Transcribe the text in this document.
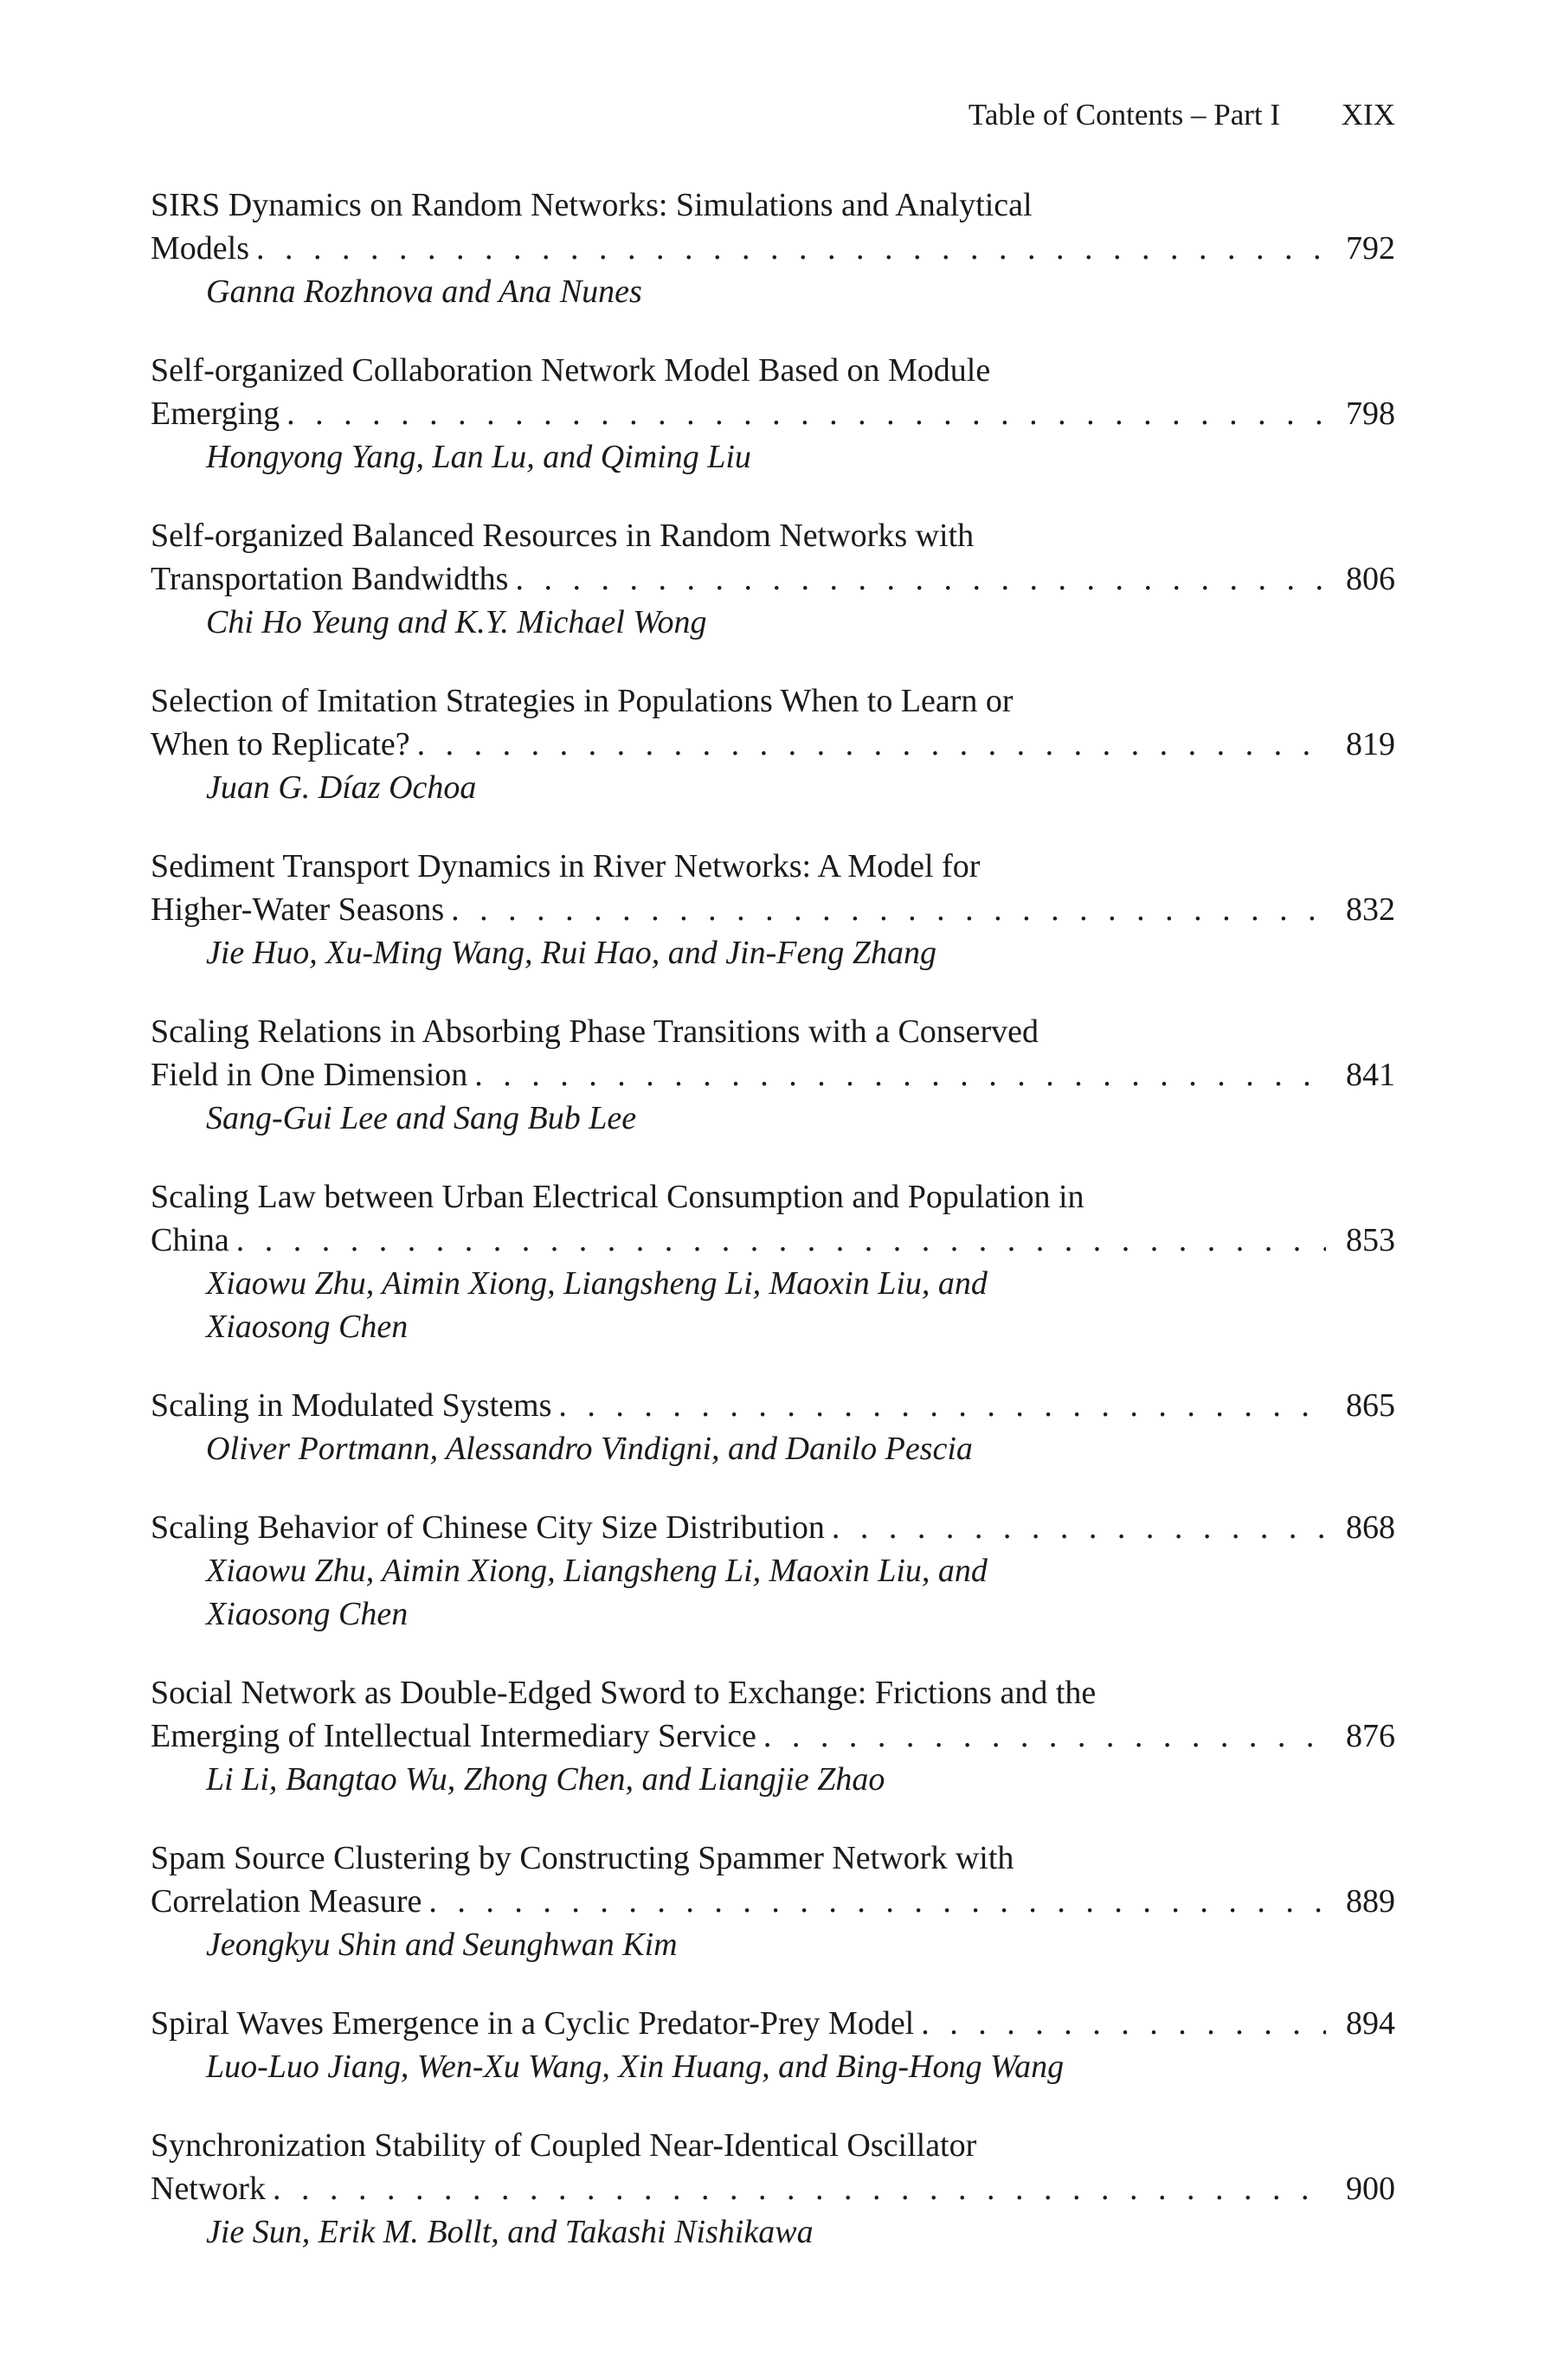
Table of Contents – Part I XIX
SIRS Dynamics on Random Networks: Simulations and Analytical
Models . . .	792
Ganna Rozhnova and Ana Nunes
Self-organized Collaboration Network Model Based on Module
Emerging . . .	798
Hongyong Yang, Lan Lu, and Qiming Liu
Self-organized Balanced Resources in Random Networks with
Transportation Bandwidths . . .	806
Chi Ho Yeung and K.Y. Michael Wong
Selection of Imitation Strategies in Populations When to Learn or
When to Replicate? . . .	819
Juan G. Díaz Ochoa
Sediment Transport Dynamics in River Networks: A Model for
Higher-Water Seasons . . .	832
Jie Huo, Xu-Ming Wang, Rui Hao, and Jin-Feng Zhang
Scaling Relations in Absorbing Phase Transitions with a Conserved
Field in One Dimension . . .	841
Sang-Gui Lee and Sang Bub Lee
Scaling Law between Urban Electrical Consumption and Population in
China . . .	853
Xiaowu Zhu, Aimin Xiong, Liangsheng Li, Maoxin Liu, and
Xiaosong Chen
Scaling in Modulated Systems . . .	865
Oliver Portmann, Alessandro Vindigni, and Danilo Pescia
Scaling Behavior of Chinese City Size Distribution . . .	868
Xiaowu Zhu, Aimin Xiong, Liangsheng Li, Maoxin Liu, and
Xiaosong Chen
Social Network as Double-Edged Sword to Exchange: Frictions and the
Emerging of Intellectual Intermediary Service . . .	876
Li Li, Bangtao Wu, Zhong Chen, and Liangjie Zhao
Spam Source Clustering by Constructing Spammer Network with
Correlation Measure . . .	889
Jeongkyu Shin and Seunghwan Kim
Spiral Waves Emergence in a Cyclic Predator-Prey Model . . .	894
Luo-Luo Jiang, Wen-Xu Wang, Xin Huang, and Bing-Hong Wang
Synchronization Stability of Coupled Near-Identical Oscillator
Network . . .	900
Jie Sun, Erik M. Bollt, and Takashi Nishikawa
